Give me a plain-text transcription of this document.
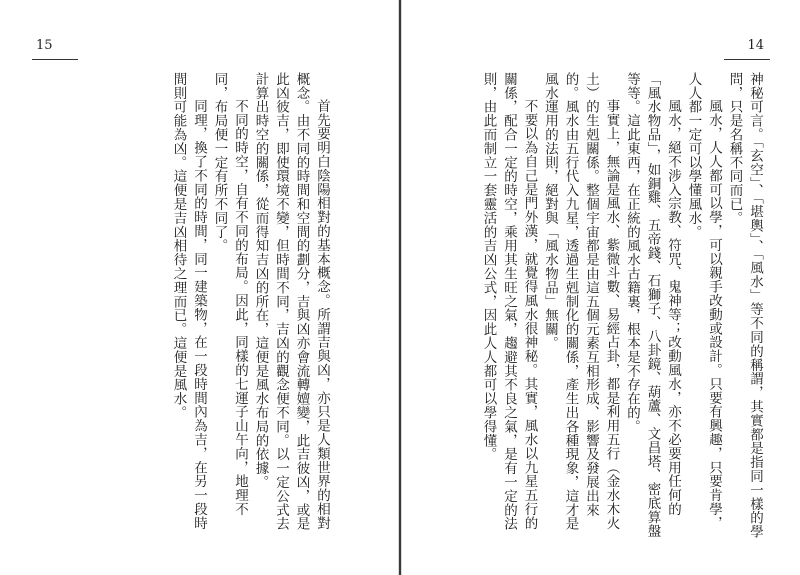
15

首先要明白陰陽相對的基本概念。所謂吉與凶，亦只是人類世界的相對概念。由不同的時間和空間的劃分，吉與凶亦會流轉嬗變，此吉彼凶，或是此凶彼吉，即使環境不變，但時間不同，吉凶的觀念便不同。以一定公式去計算出時空的關係，從而得知吉凶的所在，這便是風水布局的依據。

不同的時空，自有不同的布局。因此，同樣的七運子山午向，地理不同，布局便一定有所不同了。

同理，換了不同的時間，同一建築物，在一段時間內為吉，在另一段時間則可能為凶。這便是吉凶相待之理而已。這便是風水。

14

神秘可言。「玄空」、「堪輿」、「風水」等不同的稱謂，其實都是指同一樣的學問，只是名稱不同而已。

風水，人人都可以學，可以親手改動或設計。只要有興趣，只要肯學，人人都一定可以學懂風水。

風水，絕不涉入宗教、符咒、鬼神等；改動風水，亦不必要用任何的「風水物品」，如銅雞、五帝錢、石獅子、八卦鏡、葫蘆、文昌塔、密底算盤等等。這此東西，在正統的風水古籍裏，根本是不存在的。

事實上，無論是風水、紫微斗數、易經占卦，都是利用五行（金水木火土）的生剋關係。整個宇宙都是由這五個元素互相形成、影響及發展出來的。風水由五行代入九星，透過生剋制化的關係，產生出各種現象，這才是風水運用的法則，絕對與「風水物品」無關。

不要以為自己是門外漢，就覺得風水很神秘。其實，風水以九星五行的關係，配合一定的時空，乘用其生旺之氣，趨避其不良之氣，是有一定的法則，由此而制立一套靈活的吉凶公式，因此人人都可以學得懂。
